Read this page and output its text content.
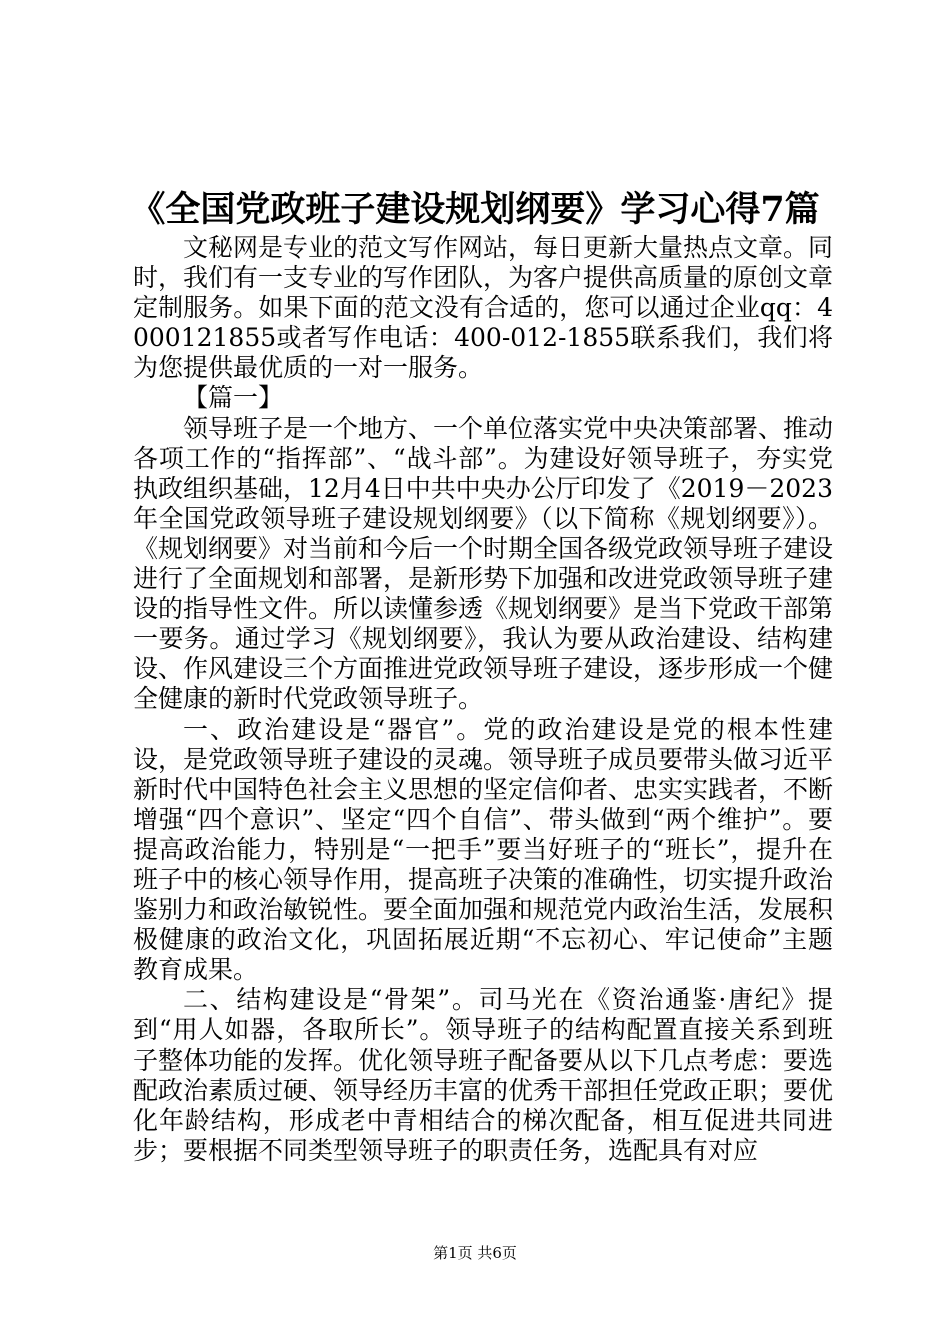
《全国党政班子建设规划纲要》学习心得7篇

文秘网是专业的范文写作网站，每日更新大量热点文章。同时，我们有一支专业的写作团队，为客户提供高质量的原创文章定制服务。如果下面的范文没有合适的，您可以通过企业qq：4000121855或者写作电话：400-012-1855联系我们，我们将为您提供最优质的一对一服务。

【篇一】

领导班子是一个地方、一个单位落实党中央决策部署、推动各项工作的“指挥部”、“战斗部”。为建设好领导班子，夯实党执政组织基础，12月4日中共中央办公厅印发了《2019－2023年全国党政领导班子建设规划纲要》（以下简称《规划纲要》）。《规划纲要》对当前和今后一个时期全国各级党政领导班子建设进行了全面规划和部署，是新形势下加强和改进党政领导班子建设的指导性文件。所以读懂参透《规划纲要》是当下党政干部第一要务。通过学习《规划纲要》，我认为要从政治建设、结构建设、作风建设三个方面推进党政领导班子建设，逐步形成一个健全健康的新时代党政领导班子。

一、政治建设是“器官”。党的政治建设是党的根本性建设，是党政领导班子建设的灵魂。领导班子成员要带头做习近平新时代中国特色社会主义思想的坚定信仰者、忠实实践者，不断增强“四个意识”、坚定“四个自信”、带头做到“两个维护”。要提高政治能力，特别是“一把手”要当好班子的“班长”，提升在班子中的核心领导作用，提高班子决策的准确性，切实提升政治鉴别力和政治敏锐性。要全面加强和规范党内政治生活，发展积极健康的政治文化，巩固拓展近期“不忘初心、牢记使命”主题教育成果。

二、结构建设是“骨架”。司马光在《资治通鉴·唐纪》提到“用人如器，各取所长”。领导班子的结构配置直接关系到班子整体功能的发挥。优化领导班子配备要从以下几点考虑：要选配政治素质过硬、领导经历丰富的优秀干部担任党政正职；要优化年龄结构，形成老中青相结合的梯次配备，相互促进共同进步；要根据不同类型领导班子的职责任务，选配具有对应

第1页 共6页
